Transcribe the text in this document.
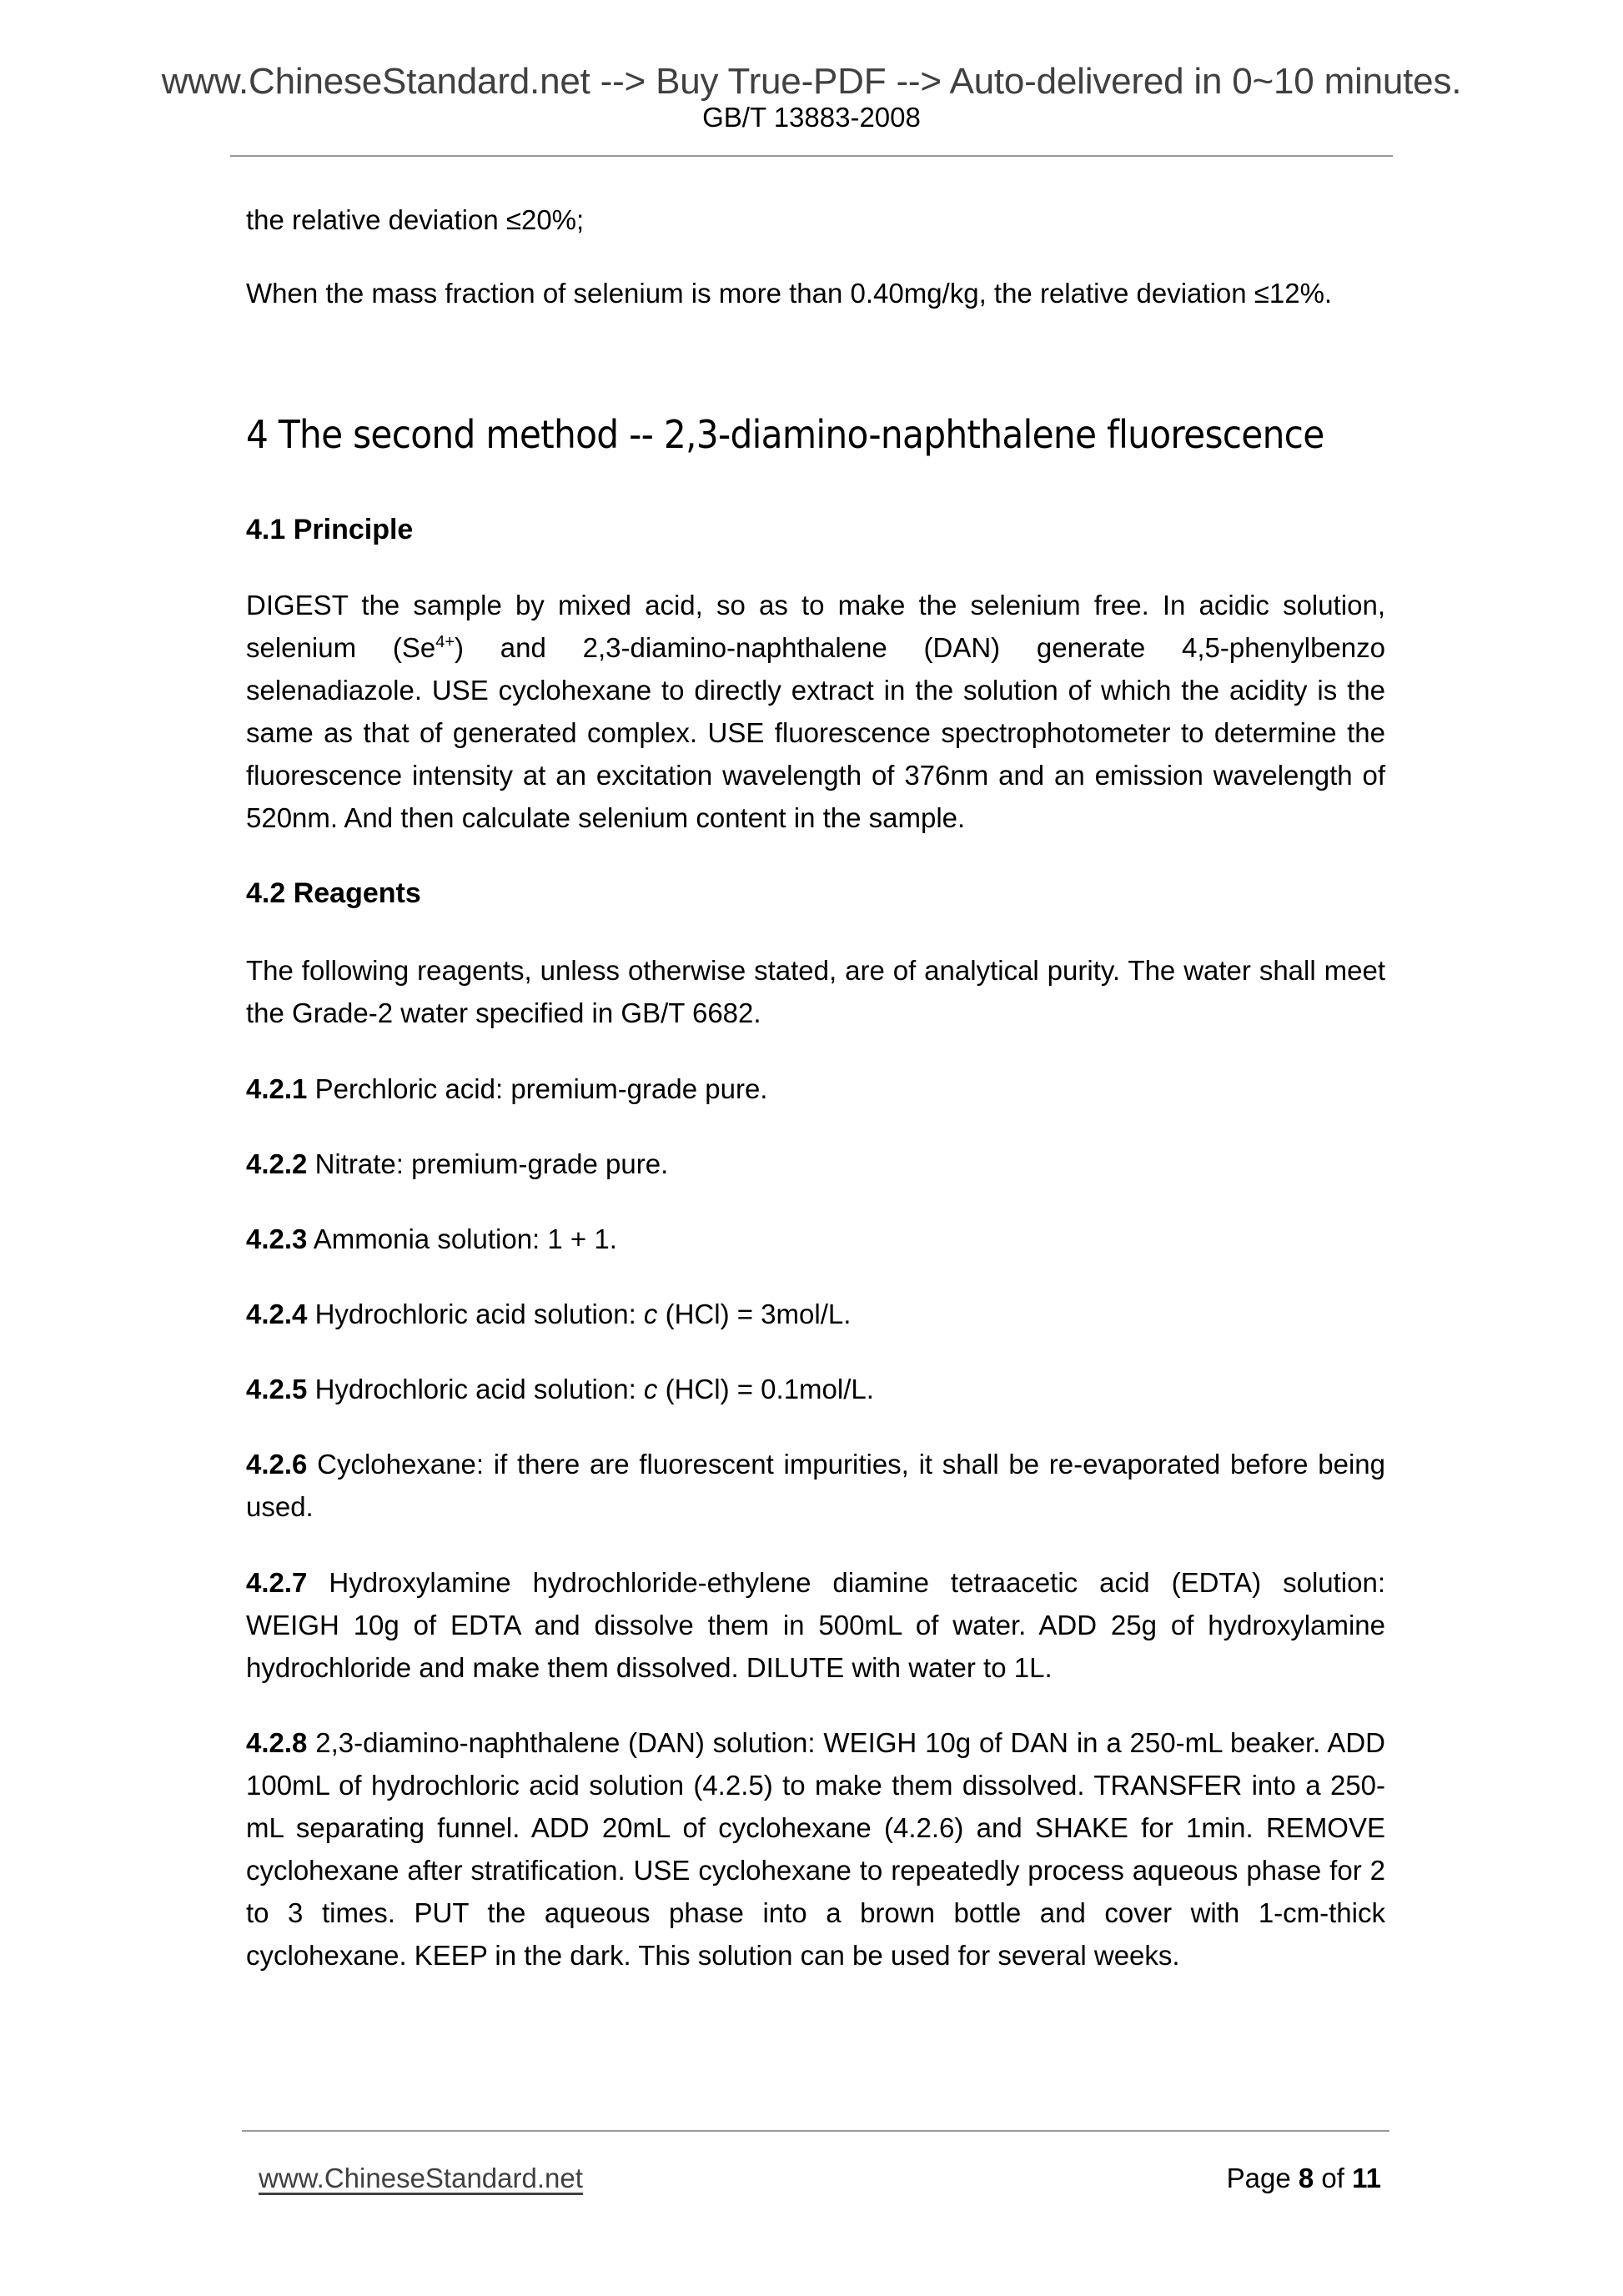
www.ChineseStandard.net --> Buy True-PDF --> Auto-delivered in 0~10 minutes.
GB/T 13883-2008

the relative deviation ≤20%;

When the mass fraction of selenium is more than 0.40mg/kg, the relative deviation ≤12%.

4 The second method -- 2,3-diamino-naphthalene fluorescence
4.1 Principle

DIGEST the sample by mixed acid, so as to make the selenium free. In acidic solution, selenium $(Se^{4+})$ and 2,3-diamino-naphthalene (DAN) generate 4,5-phenylbenzo selenadiazole. USE cyclohexane to directly extract in the solution of which the acidity is the same as that of generated complex. USE fluorescence spectrophotometer to determine the fluorescence intensity at an excitation wavelength of 376nm and an emission wavelength of 520nm. And then calculate selenium content in the sample.

4.2 Reagents

The following reagents, unless otherwise stated, are of analytical purity. The water shall meet the Grade-2 water specified in GB/T 6682.

4.2.1 Perchloric acid: premium-grade pure.

4.2.2 Nitrate: premium-grade pure.

4.2.3 Ammonia solution: 1 + 1.

4.2.4 Hydrochloric acid solution: c (HCl) = 3mol/L.

4.2.5 Hydrochloric acid solution: c (HCl) = 0.1mol/L.

4.2.6 Cyclohexane: if there are fluorescent impurities, it shall be re-evaporated before being used.

4.2.7 Hydroxylamine hydrochloride-ethylene diamine tetraacetic acid (EDTA) solution: WEIGH 10g of EDTA and dissolve them in 500mL of water. ADD 25g of hydroxylamine hydrochloride and make them dissolved. DILUTE with water to 1L.

4.2.8 2,3-diamino-naphthalene (DAN) solution: WEIGH 10g of DAN in a 250-mL beaker. ADD 100mL of hydrochloric acid solution (4.2.5) to make them dissolved. TRANSFER into a 250-mL separating funnel. ADD 20mL of cyclohexane (4.2.6) and SHAKE for 1min. REMOVE cyclohexane after stratification. USE cyclohexane to repeatedly process aqueous phase for 2 to 3 times. PUT the aqueous phase into a brown bottle and cover with 1-cm-thick cyclohexane. KEEP in the dark. This solution can be used for several weeks.

www.ChineseStandard.net	Page 8 of 11
